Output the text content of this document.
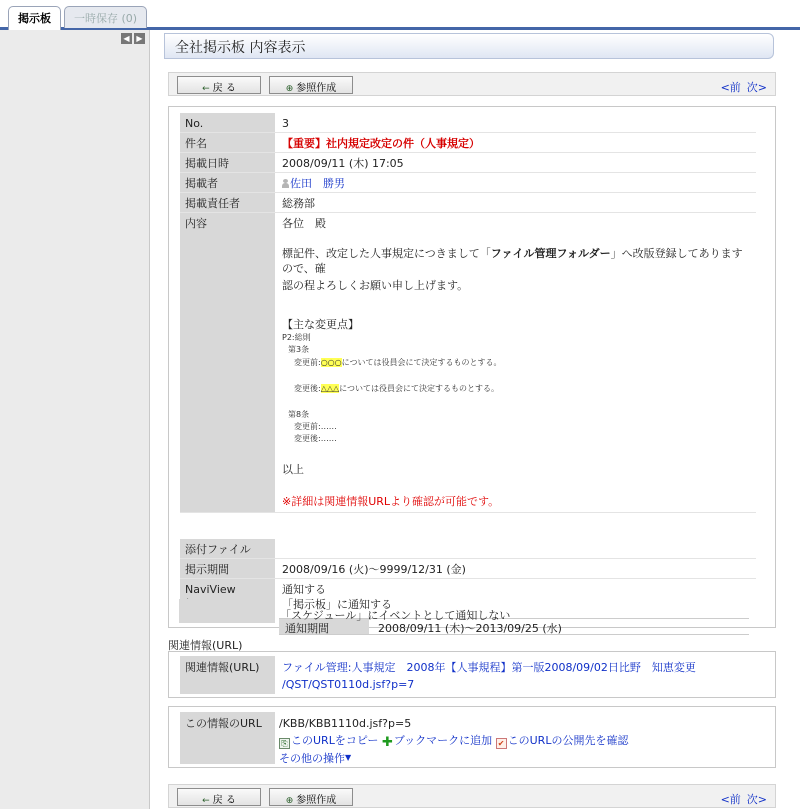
掲示板	一時保存 (0)
◀ ▶
全社掲示板 内容表示
← 戻 る	⊕ 参照作成	<前 次>
No.	3
件名	【重要】社内規定改定の件（人事規定）
掲載日時	2008/09/11 (木) 17:05
掲載者	佐田　勝男
掲載責任者	総務部
内容	各位　殿
標記件、改定した人事規定につきまして「ファイル管理フォルダー」へ改版登録してありますので、確
認の程よろしくお願い申し上げます。
【主な変更点】
P2:総則
第3条
変更前:○○○については役員会にて決定するものとする。
変更後:△△△については役員会にて決定するものとする。
第8条
変更前:……
変更後:……
以上
※詳細は関連情報URLより確認が可能です。
添付ファイル
掲示期間	2008/09/16 (火)〜9999/12/31 (金)
NaviView	通知する
「掲示板」に通知する
通知期間	2008/09/11 (木)〜2013/09/25 (水)
「スケジュール」にイベントとして通知しない
関連情報(URL)
関連情報(URL)	ファイル管理:人事規定　2008年【人事規程】第一版2008/09/02日比野　知恵変更
/QST/QST0110d.jsf?p=7
この情報のURL	/KBB/KBB1110d.jsf?p=5
⎘ このURLをコピー ✚ブックマークに追加 ✔ このURLの公開先を確認
その他の操作▼
← 戻 る	⊕ 参照作成	<前 次>
